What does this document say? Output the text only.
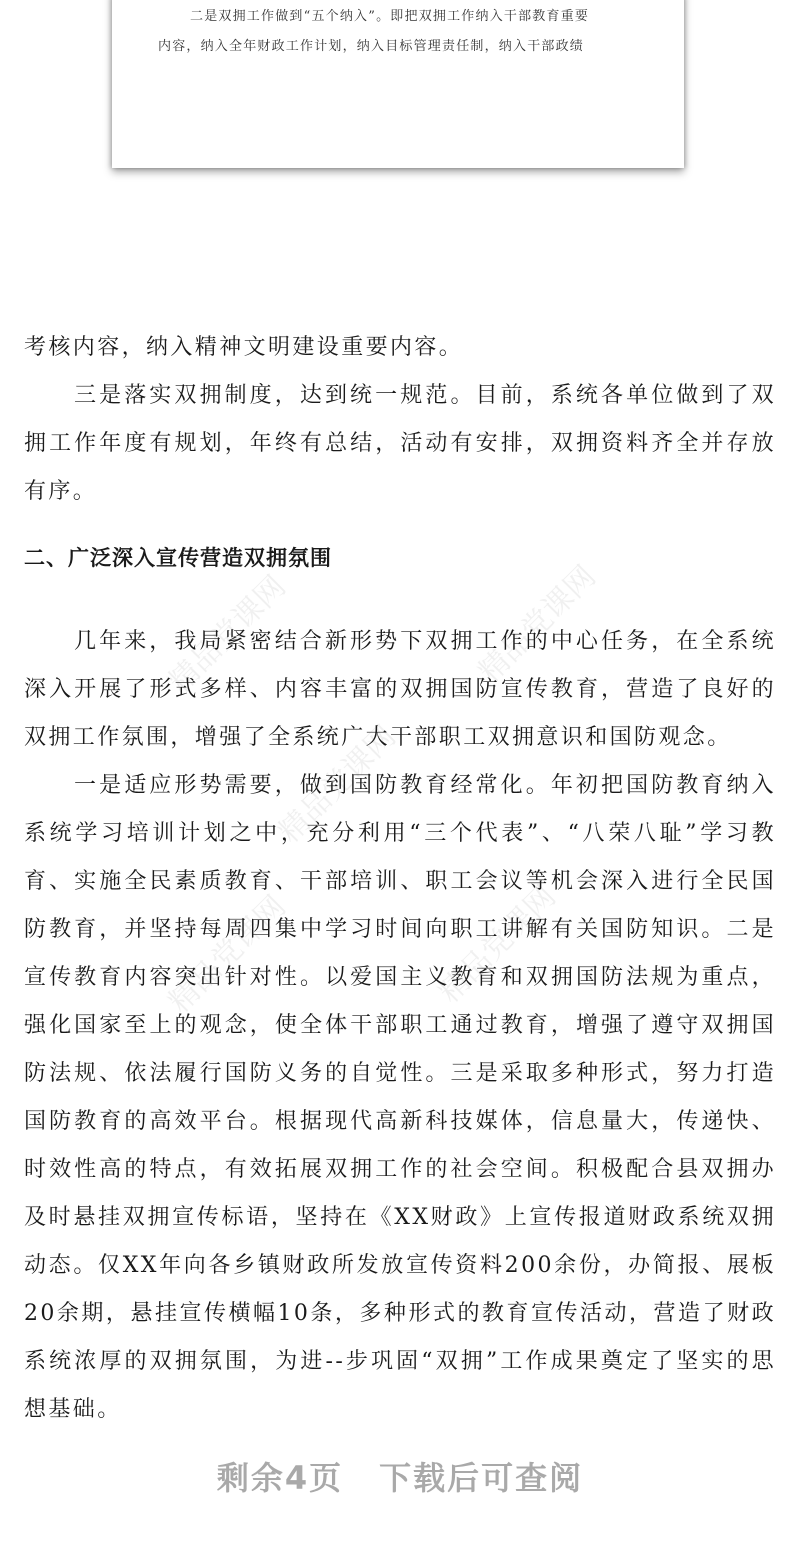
二是双拥工作做到“五个纳入”。即把双拥工作纳入干部教育重要
内容，纳入全年财政工作计划，纳入目标管理责任制，纳入干部政绩
精品党课网	精品党课网
精品党课网
精品党课网	精品党课网

考核内容，纳入精神文明建设重要内容。

三是落实双拥制度，达到统一规范。目前，系统各单位做到了双拥工作年度有规划，年终有总结，活动有安排，双拥资料齐全并存放有序。

二、广泛深入宣传营造双拥氛围

几年来，我局紧密结合新形势下双拥工作的中心任务，在全系统深入开展了形式多样、内容丰富的双拥国防宣传教育，营造了良好的双拥工作氛围，增强了全系统广大干部职工双拥意识和国防观念。

一是适应形势需要，做到国防教育经常化。年初把国防教育纳入系统学习培训计划之中，充分利用“三个代表”、“八荣八耻”学习教育、实施全民素质教育、干部培训、职工会议等机会深入进行全民国防教育，并坚持每周四集中学习时间向职工讲解有关国防知识。二是宣传教育内容突出针对性。以爱国主义教育和双拥国防法规为重点，强化国家至上的观念，使全体干部职工通过教育，增强了遵守双拥国防法规、依法履行国防义务的自觉性。三是采取多种形式，努力打造国防教育的高效平台。根据现代高新科技媒体，信息量大，传递快、时效性高的特点，有效拓展双拥工作的社会空间。积极配合县双拥办及时悬挂双拥宣传标语，坚持在《XX财政》上宣传报道财政系统双拥动态。仅XX年向各乡镇财政所发放宣传资料200余份，办简报、展板20余期，悬挂宣传横幅10条，多种形式的教育宣传活动，营造了财政系统浓厚的双拥氛围，为进--步巩固“双拥”工作成果奠定了坚实的思想基础。

剩余4页 下载后可查阅
